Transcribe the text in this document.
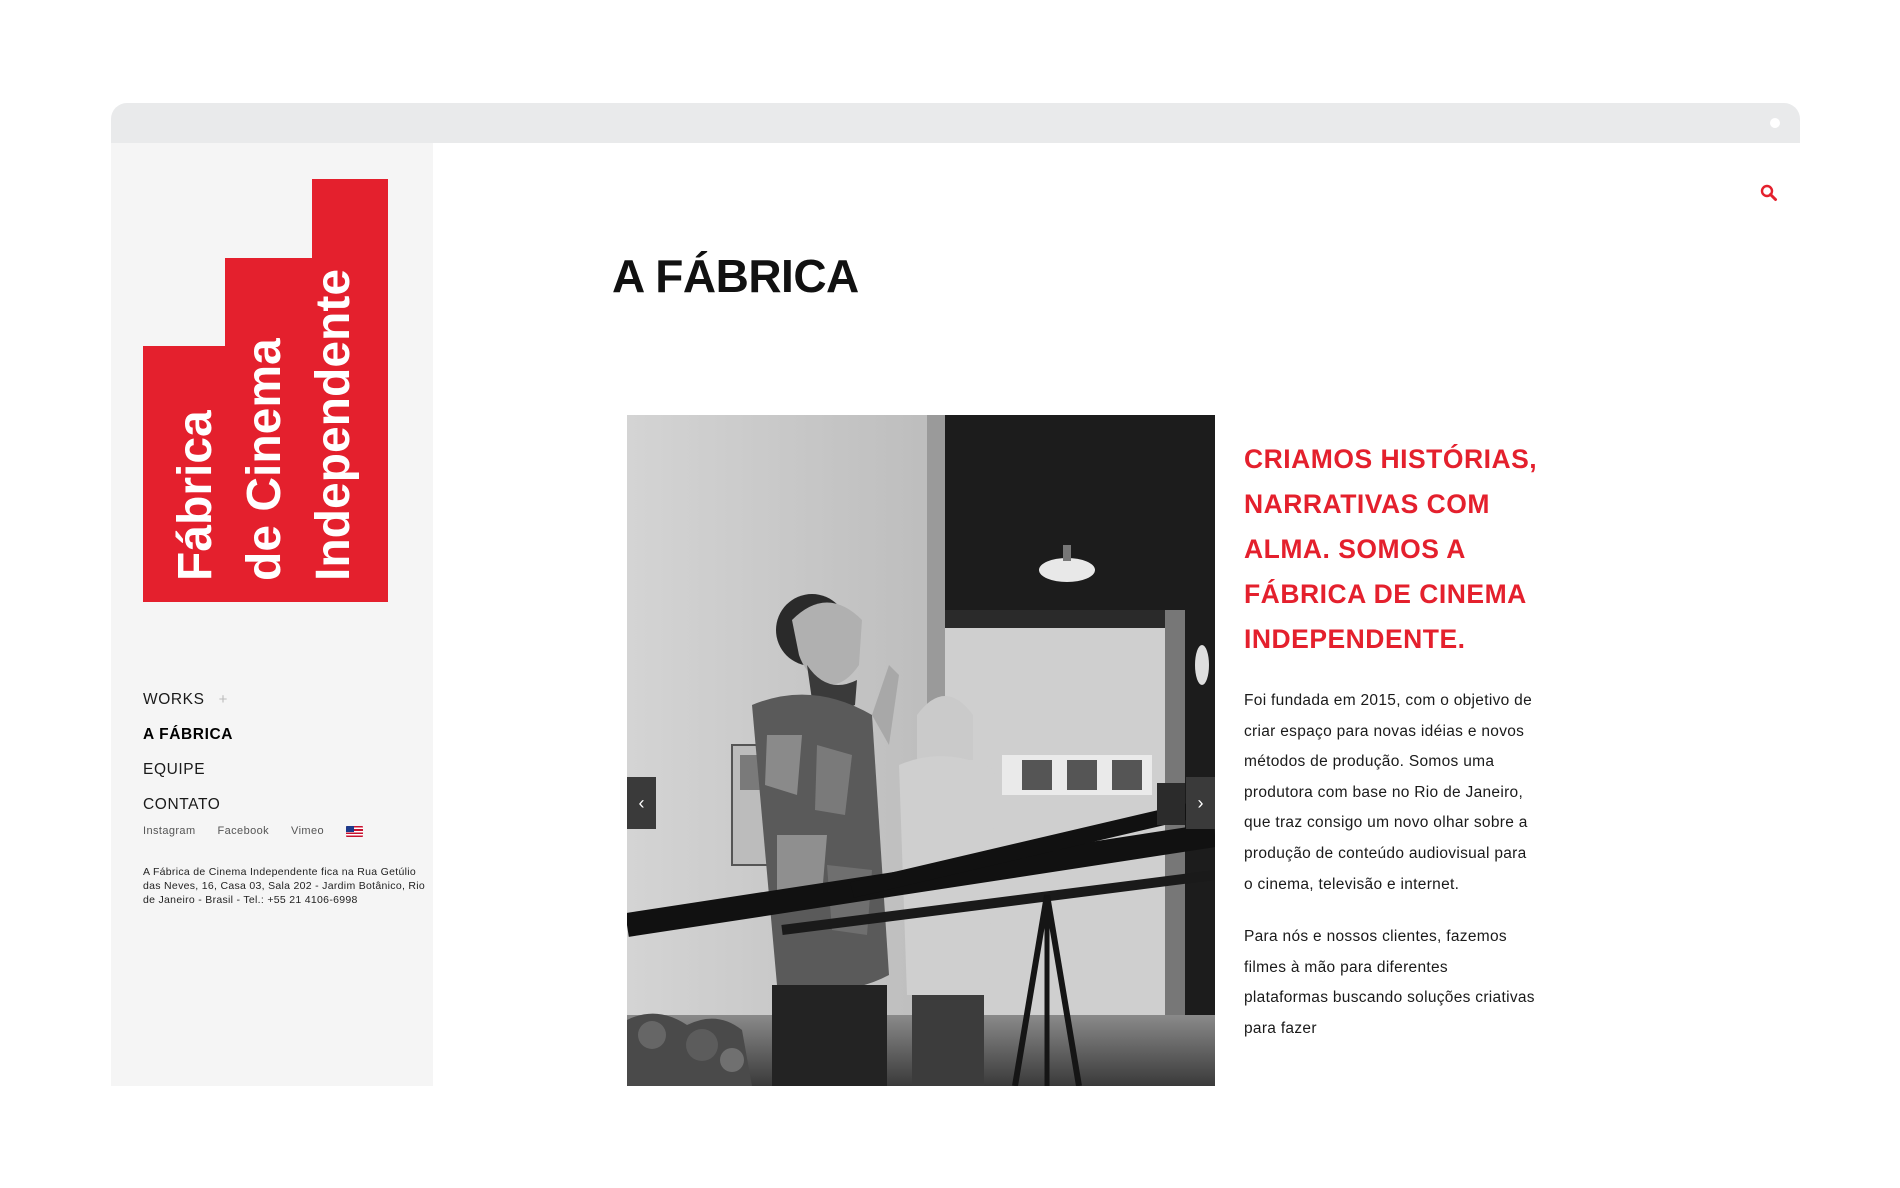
Fábrica de Cinema Independente
WORKS +
A FÁBRICA
EQUIPE
CONTATO
Instagram Facebook Vimeo

A Fábrica de Cinema Independente fica na Rua Getúlio das Neves, 16, Casa 03, Sala 202 - Jardim Botânico, Rio de Janeiro - Brasil - Tel.: +55 21 4106-6998

A FÁBRICA
‹	›
CRIAMOS HISTÓRIAS, NARRATIVAS COM ALMA. SOMOS A FÁBRICA DE CINEMA INDEPENDENTE.

Foi fundada em 2015, com o objetivo de criar espaço para novas idéias e novos métodos de produção. Somos uma produtora com base no Rio de Janeiro, que traz consigo um novo olhar sobre a produção de conteúdo audiovisual para o cinema, televisão e internet.

Para nós e nossos clientes, fazemos filmes à mão para diferentes plataformas buscando soluções criativas para fazer
